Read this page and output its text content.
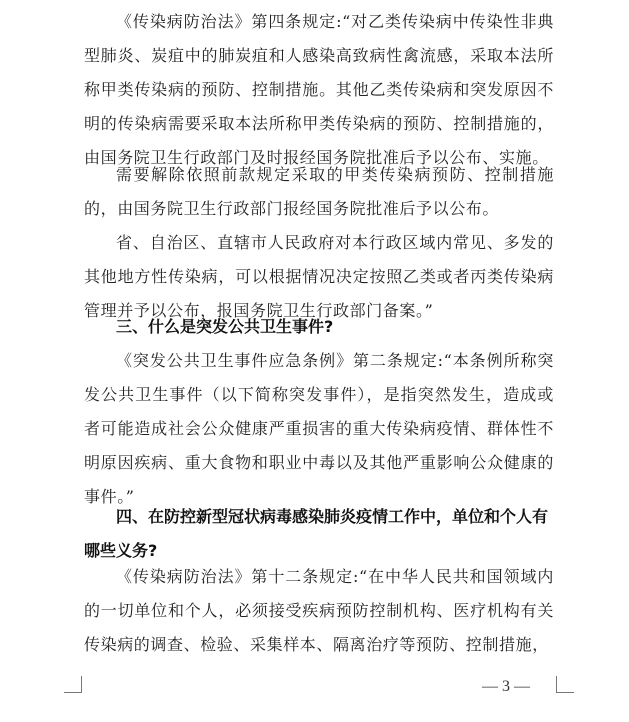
《传染病防治法》第四条规定:“对乙类传染病中传染性非典型肺炎、炭疽中的肺炭疽和人感染高致病性禽流感，采取本法所称甲类传染病的预防、控制措施。其他乙类传染病和突发原因不明的传染病需要采取本法所称甲类传染病的预防、控制措施的，由国务院卫生行政部门及时报经国务院批准后予以公布、实施。

需要解除依照前款规定采取的甲类传染病预防、控制措施的，由国务院卫生行政部门报经国务院批准后予以公布。

省、自治区、直辖市人民政府对本行政区域内常见、多发的其他地方性传染病，可以根据情况决定按照乙类或者丙类传染病管理并予以公布，报国务院卫生行政部门备案。”

三、什么是突发公共卫生事件?

《突发公共卫生事件应急条例》第二条规定:“本条例所称突发公共卫生事件（以下简称突发事件），是指突然发生，造成或者可能造成社会公众健康严重损害的重大传染病疫情、群体性不明原因疾病、重大食物和职业中毒以及其他严重影响公众健康的事件。”

四、在防控新型冠状病毒感染肺炎疫情工作中，单位和个人有哪些义务?

《传染病防治法》第十二条规定:“在中华人民共和国领域内的一切单位和个人，必须接受疾病预防控制机构、医疗机构有关传染病的调查、检验、采集样本、隔离治疗等预防、控制措施，

— 3 —
